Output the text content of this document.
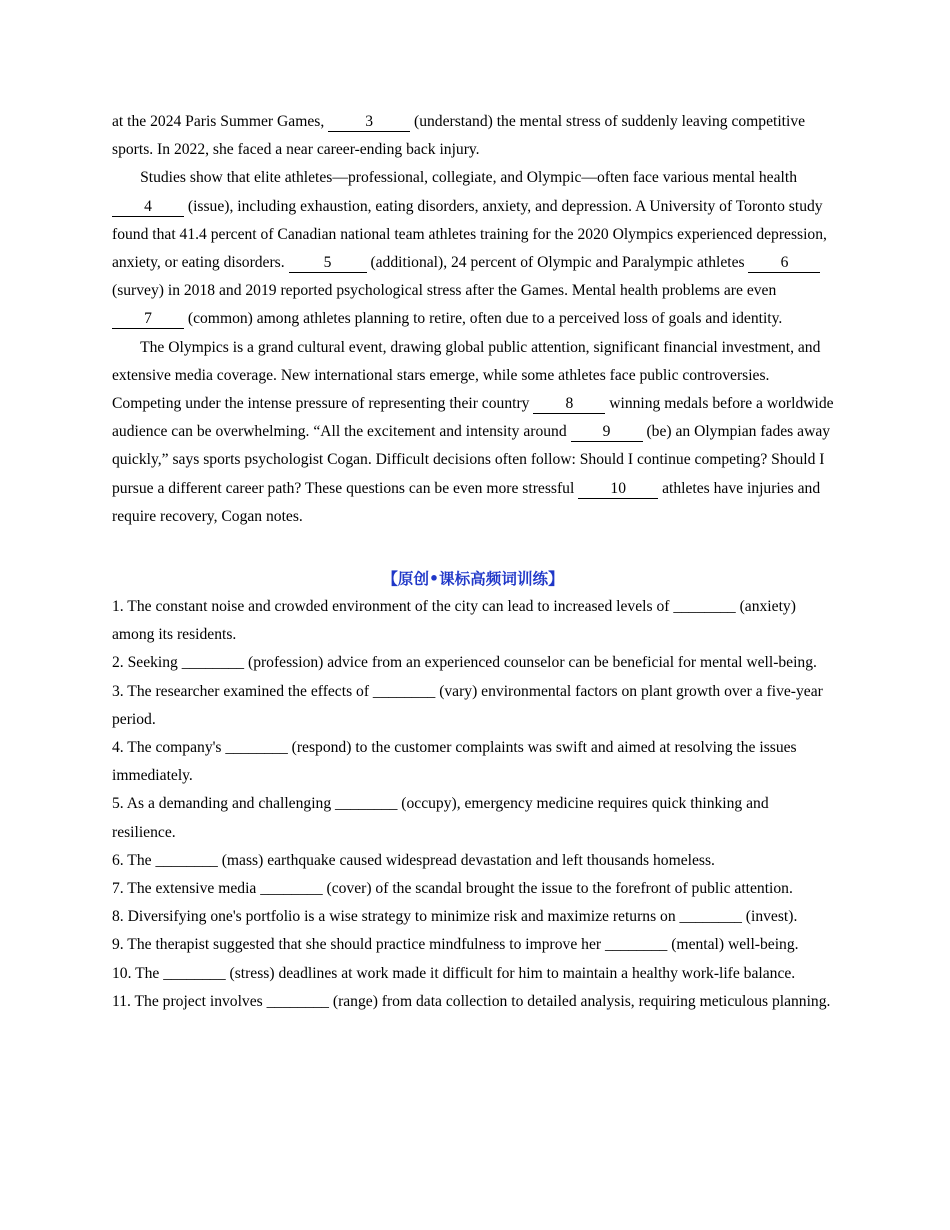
at the 2024 Paris Summer Games, 3 (understand) the mental stress of suddenly leaving competitive sports. In 2022, she faced a near career-ending back injury.

Studies show that elite athletes—professional, collegiate, and Olympic—often face various mental health 4 (issue), including exhaustion, eating disorders, anxiety, and depression. A University of Toronto study found that 41.4 percent of Canadian national team athletes training for the 2020 Olympics experienced depression, anxiety, or eating disorders. 5 (additional), 24 percent of Olympic and Paralympic athletes 6 (survey) in 2018 and 2019 reported psychological stress after the Games. Mental health problems are even 7 (common) among athletes planning to retire, often due to a perceived loss of goals and identity.

The Olympics is a grand cultural event, drawing global public attention, significant financial investment, and extensive media coverage. New international stars emerge, while some athletes face public controversies. Competing under the intense pressure of representing their country 8 winning medals before a worldwide audience can be overwhelming. “All the excitement and intensity around 9 (be) an Olympian fades away quickly,” says sports psychologist Cogan. Difficult decisions often follow: Should I continue competing? Should I pursue a different career path? These questions can be even more stressful 10 athletes have injuries and require recovery, Cogan notes.

【原创•课标高频词训练】

1. The constant noise and crowded environment of the city can lead to increased levels of ________ (anxiety) among its residents.

2. Seeking ________ (profession) advice from an experienced counselor can be beneficial for mental well-being.

3. The researcher examined the effects of ________ (vary) environmental factors on plant growth over a five-year period.

4. The company's ________ (respond) to the customer complaints was swift and aimed at resolving the issues immediately.

5. As a demanding and challenging ________ (occupy), emergency medicine requires quick thinking and resilience.

6. The ________ (mass) earthquake caused widespread devastation and left thousands homeless.

7. The extensive media ________ (cover) of the scandal brought the issue to the forefront of public attention.

8. Diversifying one's portfolio is a wise strategy to minimize risk and maximize returns on ________ (invest).

9. The therapist suggested that she should practice mindfulness to improve her ________ (mental) well-being.

10. The ________ (stress) deadlines at work made it difficult for him to maintain a healthy work-life balance.

11. The project involves ________ (range) from data collection to detailed analysis, requiring meticulous planning.
